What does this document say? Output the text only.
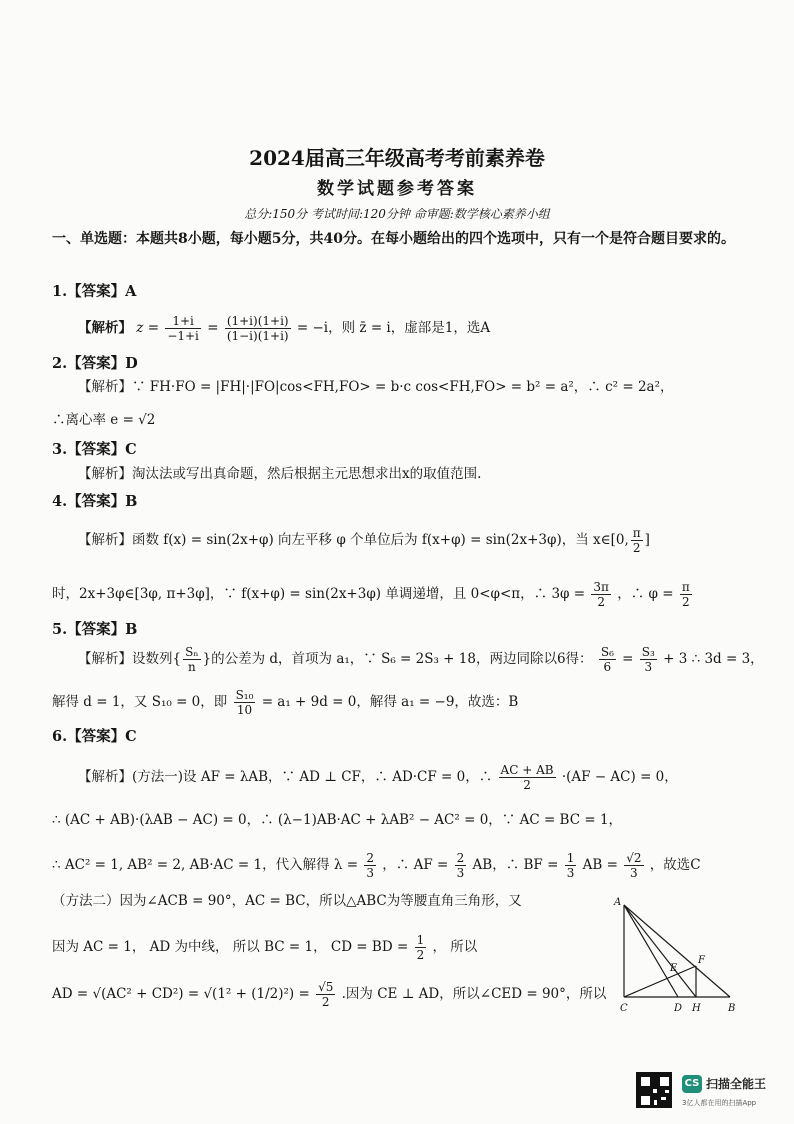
2024届高三年级高考考前素养卷
数学试题参考答案
总分:150分 考试时间:120分钟 命审题:数学核心素养小组
一、单选题：本题共8小题，每小题5分，共40分。在每小题给出的四个选项中，只有一个是符合题目要求的。
1.【答案】A
【解析】 $z = \frac{1+i}{-1+i} = \frac{(1+i)(1+i)}{(1-i)(1+i)} = -i$，则 z̄ = i，虚部是1，选A
2.【答案】D
【解析】∵ FH·FO = |FH|·|FO|cos<FH,FO> = b·c cos<FH,FO> = b² = a²，∴ c² = 2a²，
∴离心率 e = √2
3.【答案】C
【解析】淘汰法或写出真命题，然后根据主元思想求出x的取值范围.
4.【答案】B
【解析】函数 f(x) = sin(2x+φ) 向左平移 φ 个单位后为 f(x+φ) = sin(2x+3φ)，当 x∈[0, $\frac{\pi}{2}$ ]
时，2x+3φ∈[3φ, π+3φ]，∵ f(x+φ) = sin(2x+3φ) 单调递增，且 0<φ<π，∴ $3\varphi = \frac{3\pi}{2}$ ，∴ $\varphi = \frac{\pi}{2}$
5.【答案】B
【解析】设数列{ $\frac{\text{Sₙ}}{n}$ }的公差为 d，首项为 a₁，∵ S₆ = 2S₃ + 18，两边同除以6得： $\frac{\text{S₆}}{6} = \frac{\text{S₃}}{3} + 3$ ∴ 3d = 3，
解得 d = 1，又 S₁₀ = 0，即 $\frac{\text{S₁₀}}{10} = a_1 + 9d = 0$，解得 a₁ = −9，故选：B
6.【答案】C
【解析】(方法一)设 AF = λAB，∵ AD ⊥ CF，∴ AD·CF = 0，∴ $\frac{AC + AB}{2} \cdot(AF - AC) = 0$，
∴ (AC + AB)·(λAB − AC) = 0，∴ (λ−1)AB·AC + λAB² − AC² = 0，∵ AC = BC = 1，
∴ AC² = 1, AB² = 2, AB·AC = 1，代入解得 $\lambda = \frac{2}{3}$ ，∴ AF = $\frac{2}{3}$ AB，∴ BF = $\frac{1}{3}$ AB = $\frac{√2}{3}$ ，故选C
（方法二）因为∠ACB = 90°，AC = BC，所以△ABC为等腰直角三角形，又
因为 AC = 1， AD 为中线， 所以 BC = 1， CD = BD = $\frac{1}{2}$ ， 所以
AD = $√(AC^2 + CD^2) = √(1^2 + (1/2)^2) = \frac{√5}{2}$ .因为 CE ⊥ AD，所以∠CED = 90°，所以
A
F
E
C	D H	B
CS 扫描全能王
3亿人都在用的扫描App
